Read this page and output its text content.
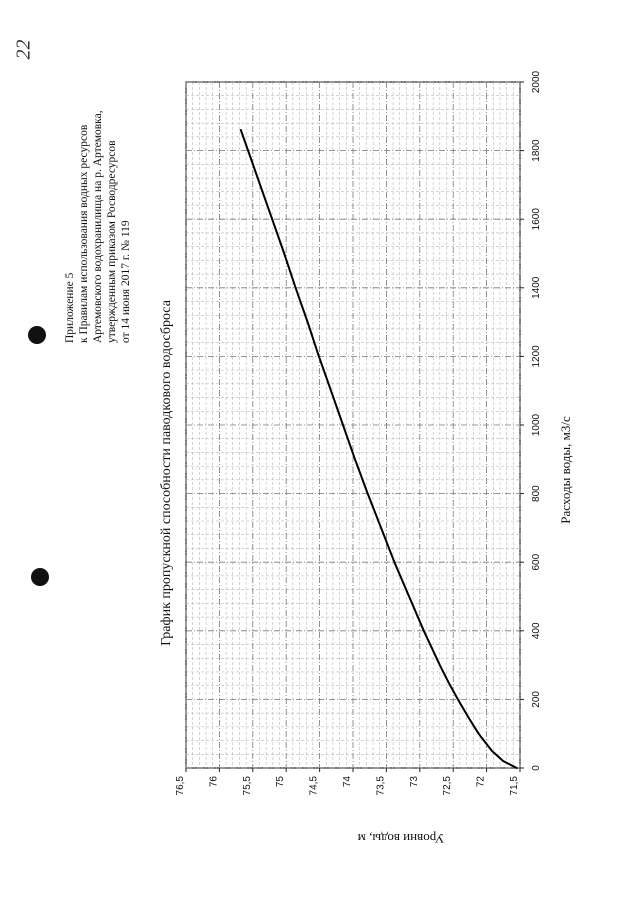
22
Приложение 5 к Правилам использования водных ресурсов Артемовского водохранилища на р. Артемовка, утвержденным приказом Росводресурсов от 14 июня 2017 г. № 119
График пропускной способности паводкового водосброса
0
200
400
600
800
1000
1200
1400
1600
1800
2000
71,5
72
72,5
73
73,5
74
74,5
75
75,5
76
76,5
Расходы воды, м3/с
Уровни воды, м
